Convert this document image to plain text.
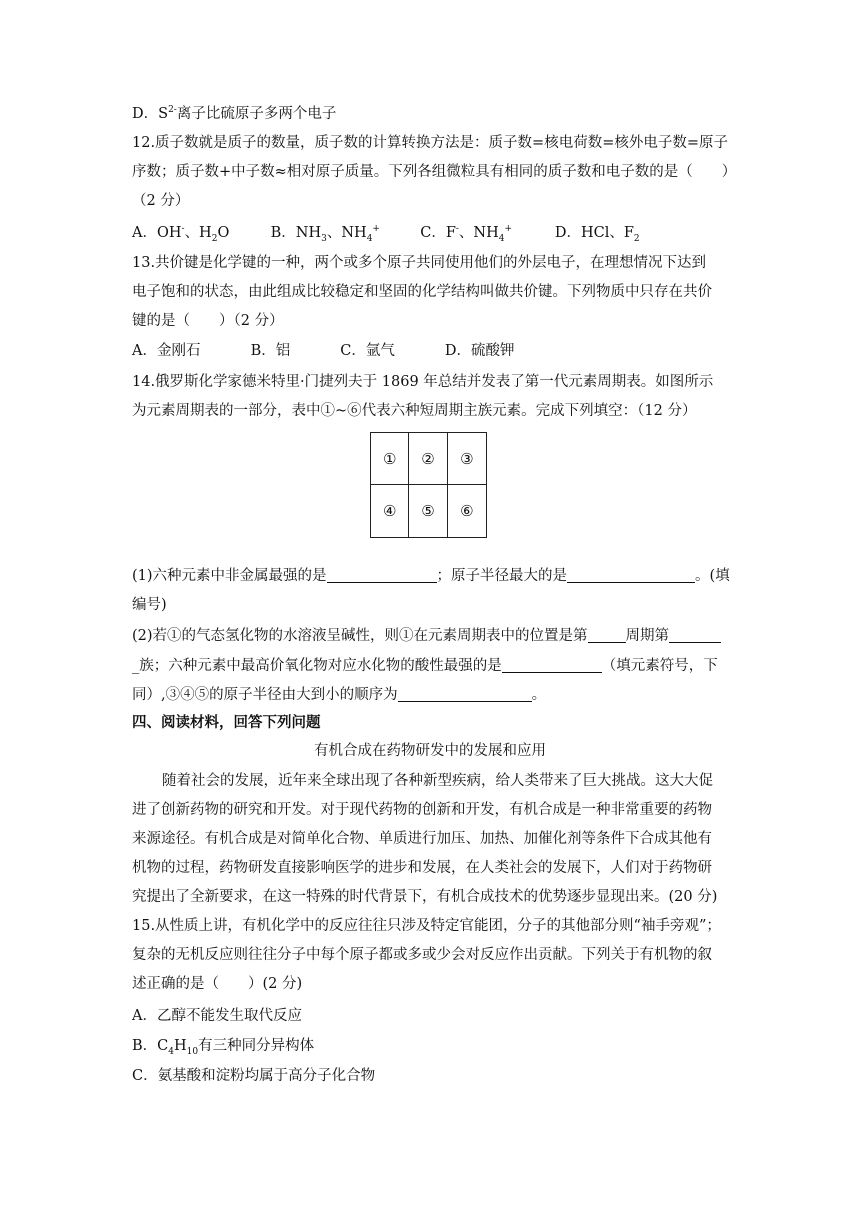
D．$S^{2-}$离子比硫原子多两个电子
12.质子数就是质子的数量，质子数的计算转换方法是：质子数=核电荷数=核外电子数=原子
序数；质子数+中子数≈相对原子质量。下列各组微粒具有相同的质子数和电子数的是（　　）
（2 分）
A．OH-、$H_2O$	B．$NH_3$、$NH_4^+$	C．F-、$NH_4^+$	D．HCl、$F_2$
13.共价键是化学键的一种，两个或多个原子共同使用他们的外层电子，在理想情况下达到
电子饱和的状态，由此组成比较稳定和坚固的化学结构叫做共价键。下列物质中只存在共价
键的是（　　）（2 分）
A．金刚石	B．铝	C．氩气	D．硫酸钾
14.俄罗斯化学家德米特里·门捷列夫于 1869 年总结并发表了第一代元素周期表。如图所示
为元素周期表的一部分，表中①~⑥代表六种短周期主族元素。完成下列填空：（12 分）
①	②	③
④	⑤	⑥
(1)六种元素中非金属最强的是	；原子半径最大的是	。(填
编号)
(2)若①的气态氢化物的水溶液呈碱性，则①在元素周期表中的位置是第	周期第
_族；六种元素中最高价氧化物对应水化物的酸性最强的是	（填元素符号，下
同）,③④⑤的原子半径由大到小的顺序为	。
四、阅读材料，回答下列问题
有机合成在药物研发中的发展和应用
随着社会的发展，近年来全球出现了各种新型疾病，给人类带来了巨大挑战。这大大促
进了创新药物的研究和开发。对于现代药物的创新和开发，有机合成是一种非常重要的药物
来源途径。有机合成是对简单化合物、单质进行加压、加热、加催化剂等条件下合成其他有
机物的过程，药物研发直接影响医学的进步和发展，在人类社会的发展下，人们对于药物研
究提出了全新要求，在这一特殊的时代背景下，有机合成技术的优势逐步显现出来。(20 分)
15.从性质上讲，有机化学中的反应往往只涉及特定官能团，分子的其他部分则“袖手旁观”；
复杂的无机反应则往往分子中每个原子都或多或少会对反应作出贡献。下列关于有机物的叙
述正确的是（　　）(2 分)
A．乙醇不能发生取代反应
B．$C_4H_{10}$有三种同分异构体
C．氨基酸和淀粉均属于高分子化合物
